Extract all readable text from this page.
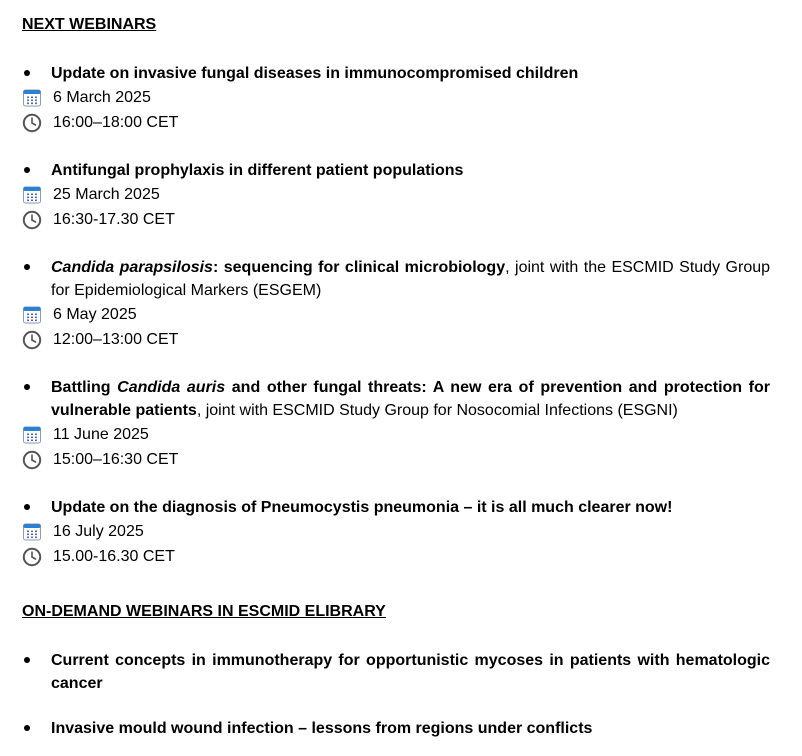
NEXT WEBINARS
Update on invasive fungal diseases in immunocompromised children
6 March 2025
16:00–18:00 CET
Antifungal prophylaxis in different patient populations
25 March 2025
16:30-17.30 CET
Candida parapsilosis: sequencing for clinical microbiology, joint with the ESCMID Study Group for Epidemiological Markers (ESGEM)
6 May 2025
12:00–13:00 CET
Battling Candida auris and other fungal threats: A new era of prevention and protection for vulnerable patients, joint with ESCMID Study Group for Nosocomial Infections (ESGNI)
11 June 2025
15:00–16:30 CET
Update on the diagnosis of Pneumocystis pneumonia – it is all much clearer now!
16 July 2025
15.00-16.30 CET
ON-DEMAND WEBINARS IN ESCMID ELIBRARY
Current concepts in immunotherapy for opportunistic mycoses in patients with hematologic cancer
Invasive mould wound infection – lessons from regions under conflicts
